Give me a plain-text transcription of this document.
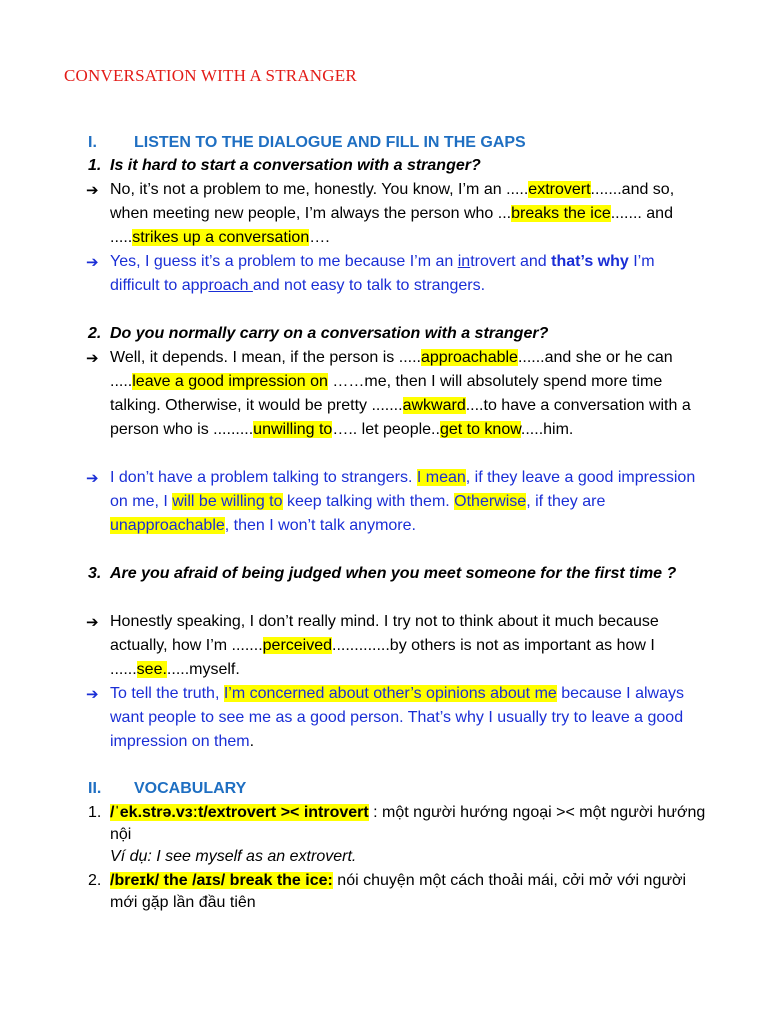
CONVERSATION WITH A STRANGER
I. LISTEN TO THE DIALOGUE AND FILL IN THE GAPS
1. Is it hard to start a conversation with a stranger?
➔ No, it’s not a problem to me, honestly. You know, I’m an .....extrovert.......and so, when meeting new people, I’m always the person who ...breaks the ice....... and .....strikes up a conversation….
➔ Yes, I guess it’s a problem to me because I’m an introvert and that’s why I’m difficult to approach and not easy to talk to strangers.
2. Do you normally carry on a conversation with a stranger?
➔ Well, it depends. I mean, if the person is .....approachable......and she or he can .....leave a good impression on ……me, then I will absolutely spend more time talking. Otherwise, it would be pretty .......awkward....to have a conversation with a person who is .........unwilling to….. let people..get to know.....him.
➔ I don’t have a problem talking to strangers. I mean, if they leave a good impression on me, I will be willing to keep talking with them. Otherwise, if they are unapproachable, then I won’t talk anymore.
3. Are you afraid of being judged when you meet someone for the first time ?
➔ Honestly speaking, I don’t really mind. I try not to think about it much because actually, how I’m .......perceived.............by others is not as important as how I ......see......myself.
➔ To tell the truth, I’m concerned about other’s opinions about me because I always want people to see me as a good person. That’s why I usually try to leave a good impression on them.
II. VOCABULARY
1. /ˈek.strə.vɜːt/extrovert >< introvert : một người hướng ngoại >< một người hướng nội
Ví dụ: I see myself as an extrovert.
2. /breɪk/ the /aɪs/ break the ice: nói chuyện một cách thoải mái, cởi mở với người mới gặp lần đầu tiên
